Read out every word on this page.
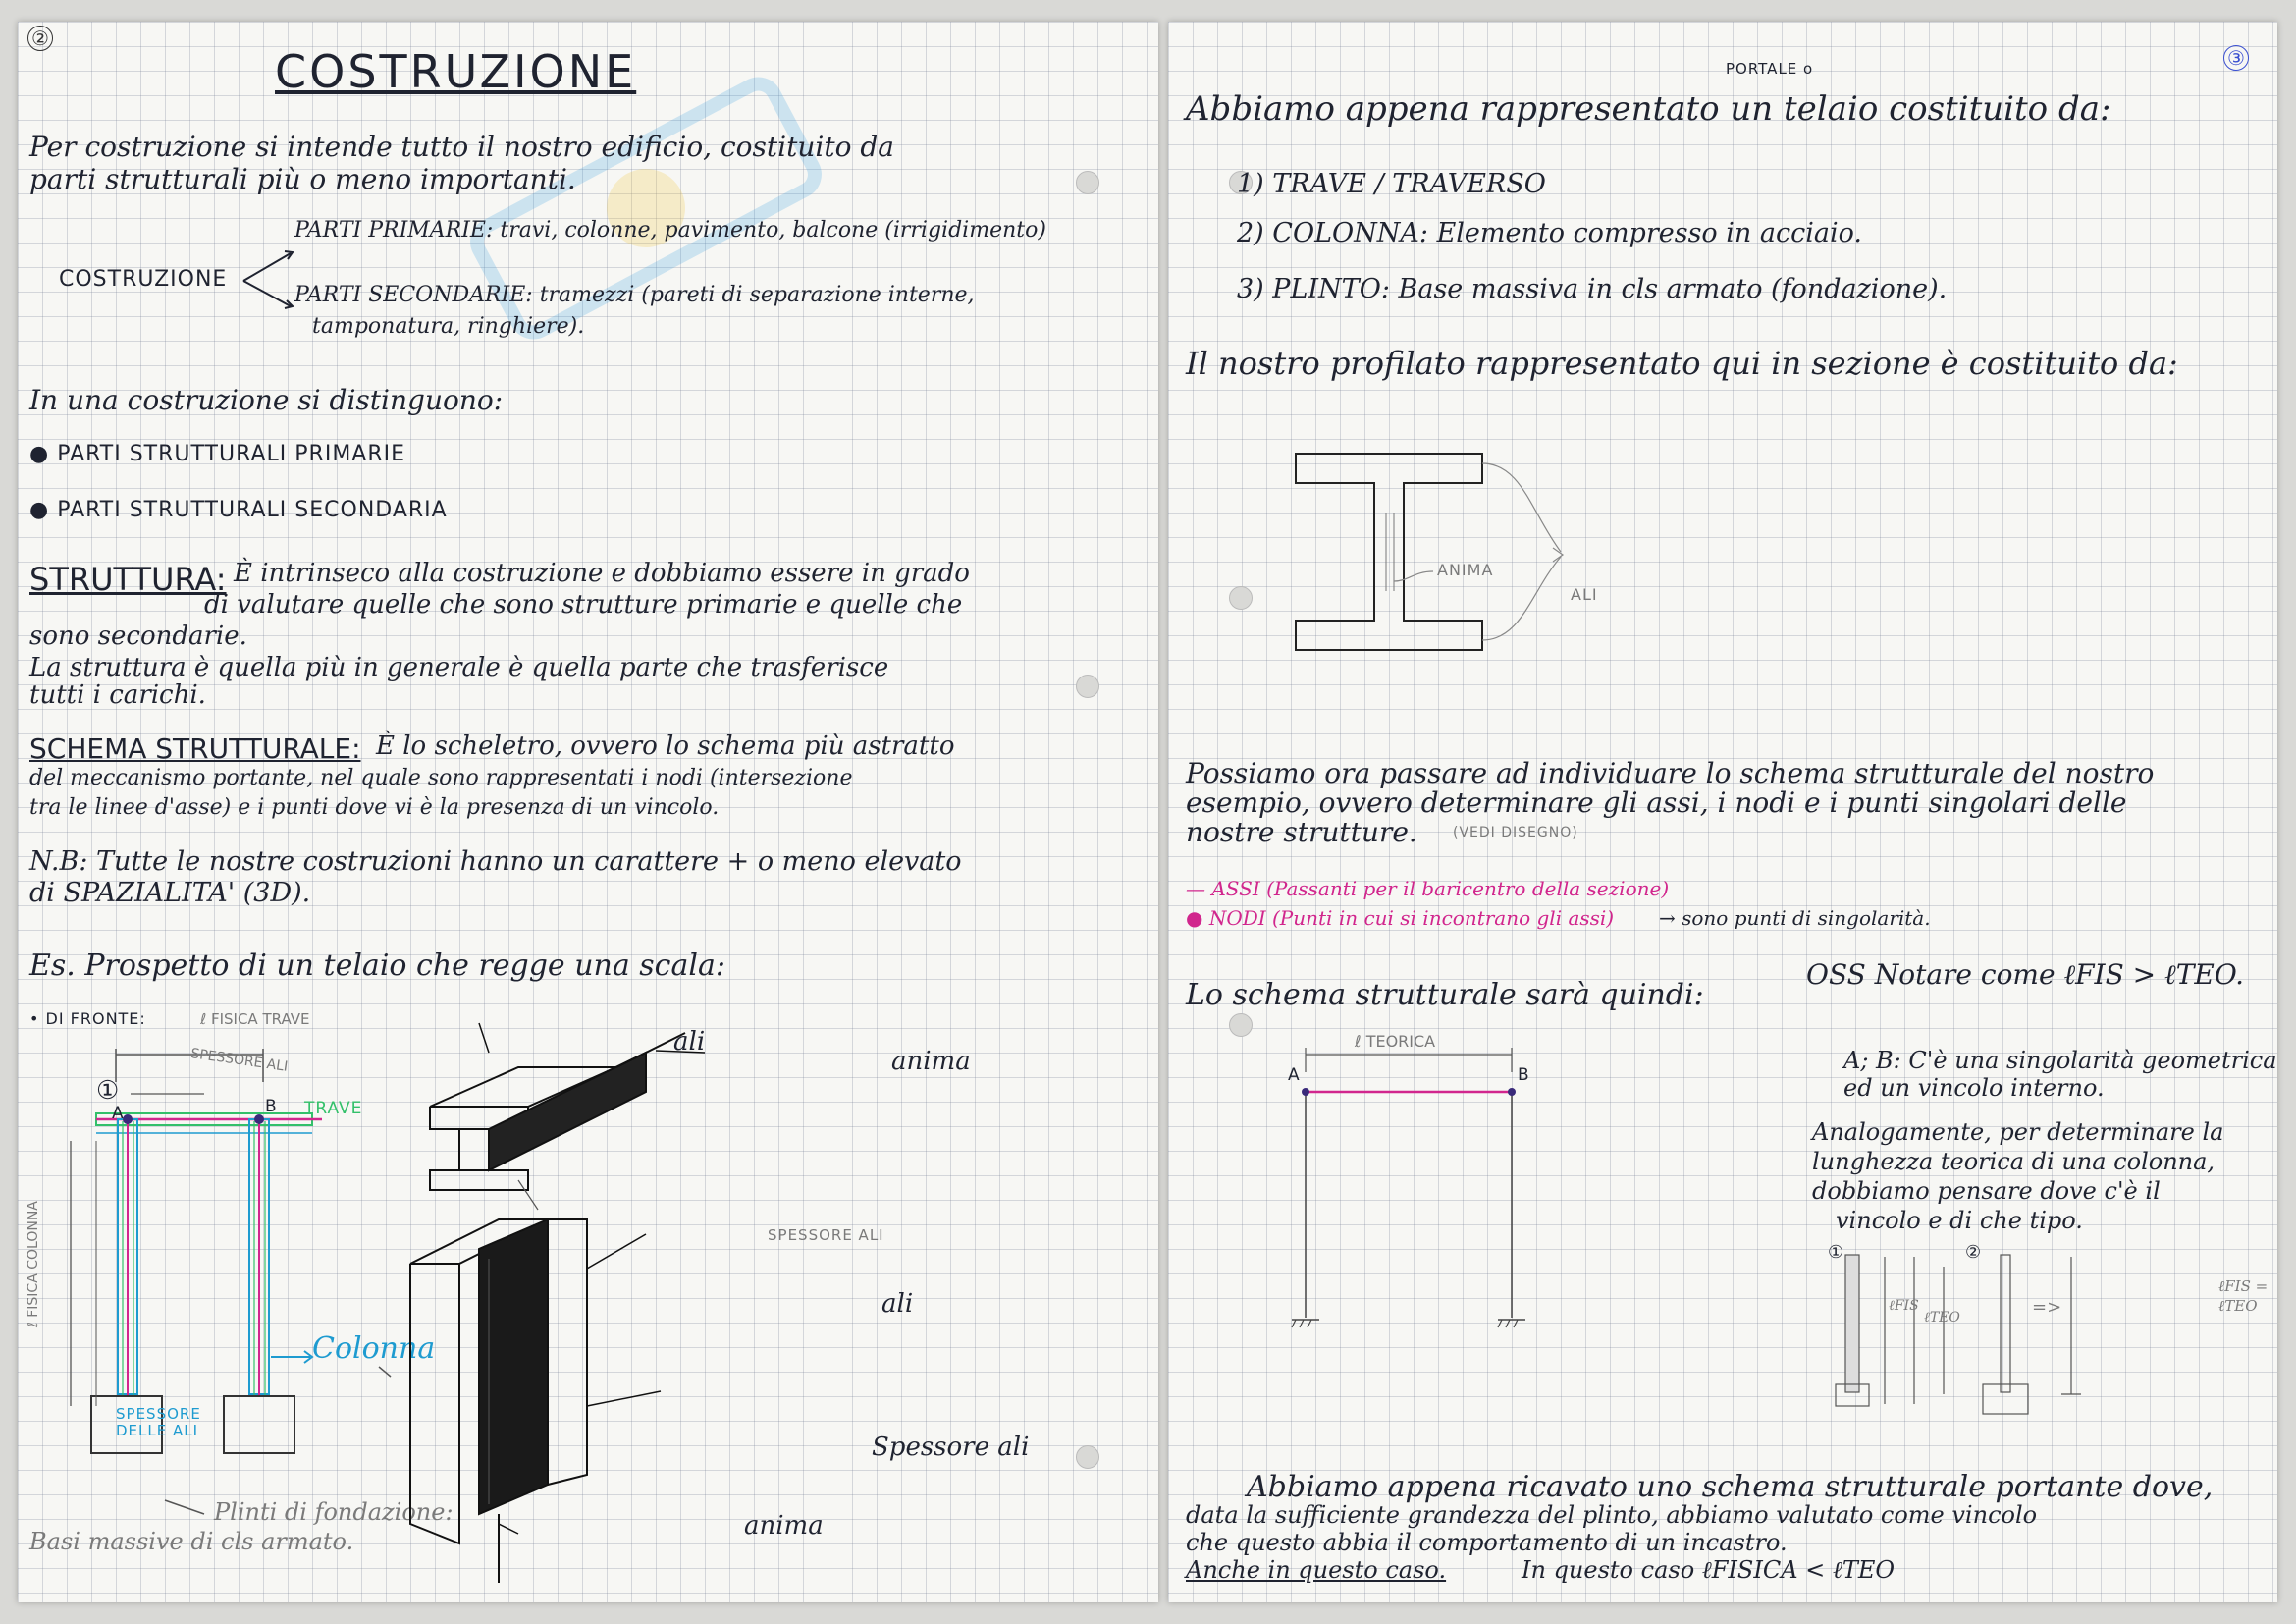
②
COSTRUZIONE
Per costruzione si intende tutto il nostro edificio, costituito da
parti strutturali più o meno importanti.
COSTRUZIONE
PARTI PRIMARIE: travi, colonne, pavimento, balcone (irrigidimento)
PARTI SECONDARIE: tramezzi (pareti di separazione interne,
tamponatura, ringhiere).
In una costruzione si distinguono:
● PARTI STRUTTURALI PRIMARIE
● PARTI STRUTTURALI SECONDARIA
STRUTTURA: È intrinseco alla costruzione e dobbiamo essere in grado
di valutare quelle che sono strutture primarie e quelle che
sono secondarie.
La struttura è quella più in generale è quella parte che trasferisce
tutti i carichi.
SCHEMA STRUTTURALE: È lo scheletro, ovvero lo schema più astratto
del meccanismo portante, nel quale sono rappresentati i nodi (intersezione
tra le linee d'asse) e i punti dove vi è la presenza di un vincolo.
N.B: Tutte le nostre costruzioni hanno un carattere + o meno elevato
di SPAZIALITA' (3D).
Es. Prospetto di un telaio che regge una scala:
• DI FRONTE:	ℓ FISICA TRAVE
SPESSORE ALI
①
A	B TRAVE
ℓ FISICA COLONNA
Colonna
SPESSORE DELLE ALI
Plinti di fondazione:
Basi massive di cls armato.
ali
anima
SPESSORE ALI
ali
Spessore ali
anima
③
PORTALE o
Abbiamo appena rappresentato un telaio costituito da:
1) TRAVE / TRAVERSO
2) COLONNA: Elemento compresso in acciaio.
3) PLINTO: Base massiva in cls armato (fondazione).
Il nostro profilato rappresentato qui in sezione è costituito da:
ANIMA
ALI
Possiamo ora passare ad individuare lo schema strutturale del nostro
esempio, ovvero determinare gli assi, i nodi e i punti singolari delle
nostre strutture.	(VEDI DISEGNO)
— ASSI (Passanti per il baricentro della sezione)
● NODI (Punti in cui si incontrano gli assi) → sono punti di singolarità.
Lo schema strutturale sarà quindi:
OSS Notare come ℓFIS > ℓTEO.
ℓ TEORICA
A	B
A; B: C'è una singolarità geometrica
ed un vincolo interno.
Analogamente, per determinare la
lunghezza teorica di una colonna,
dobbiamo pensare dove c'è il
vincolo e di che tipo.
①	②
ℓFIS
ℓTEO	=>
ℓFIS =
ℓTEO
Abbiamo appena ricavato uno schema strutturale portante dove,
data la sufficiente grandezza del plinto, abbiamo valutato come vincolo
che questo abbia il comportamento di un incastro.
Anche in questo caso.	In questo caso ℓFISICA < ℓTEO
